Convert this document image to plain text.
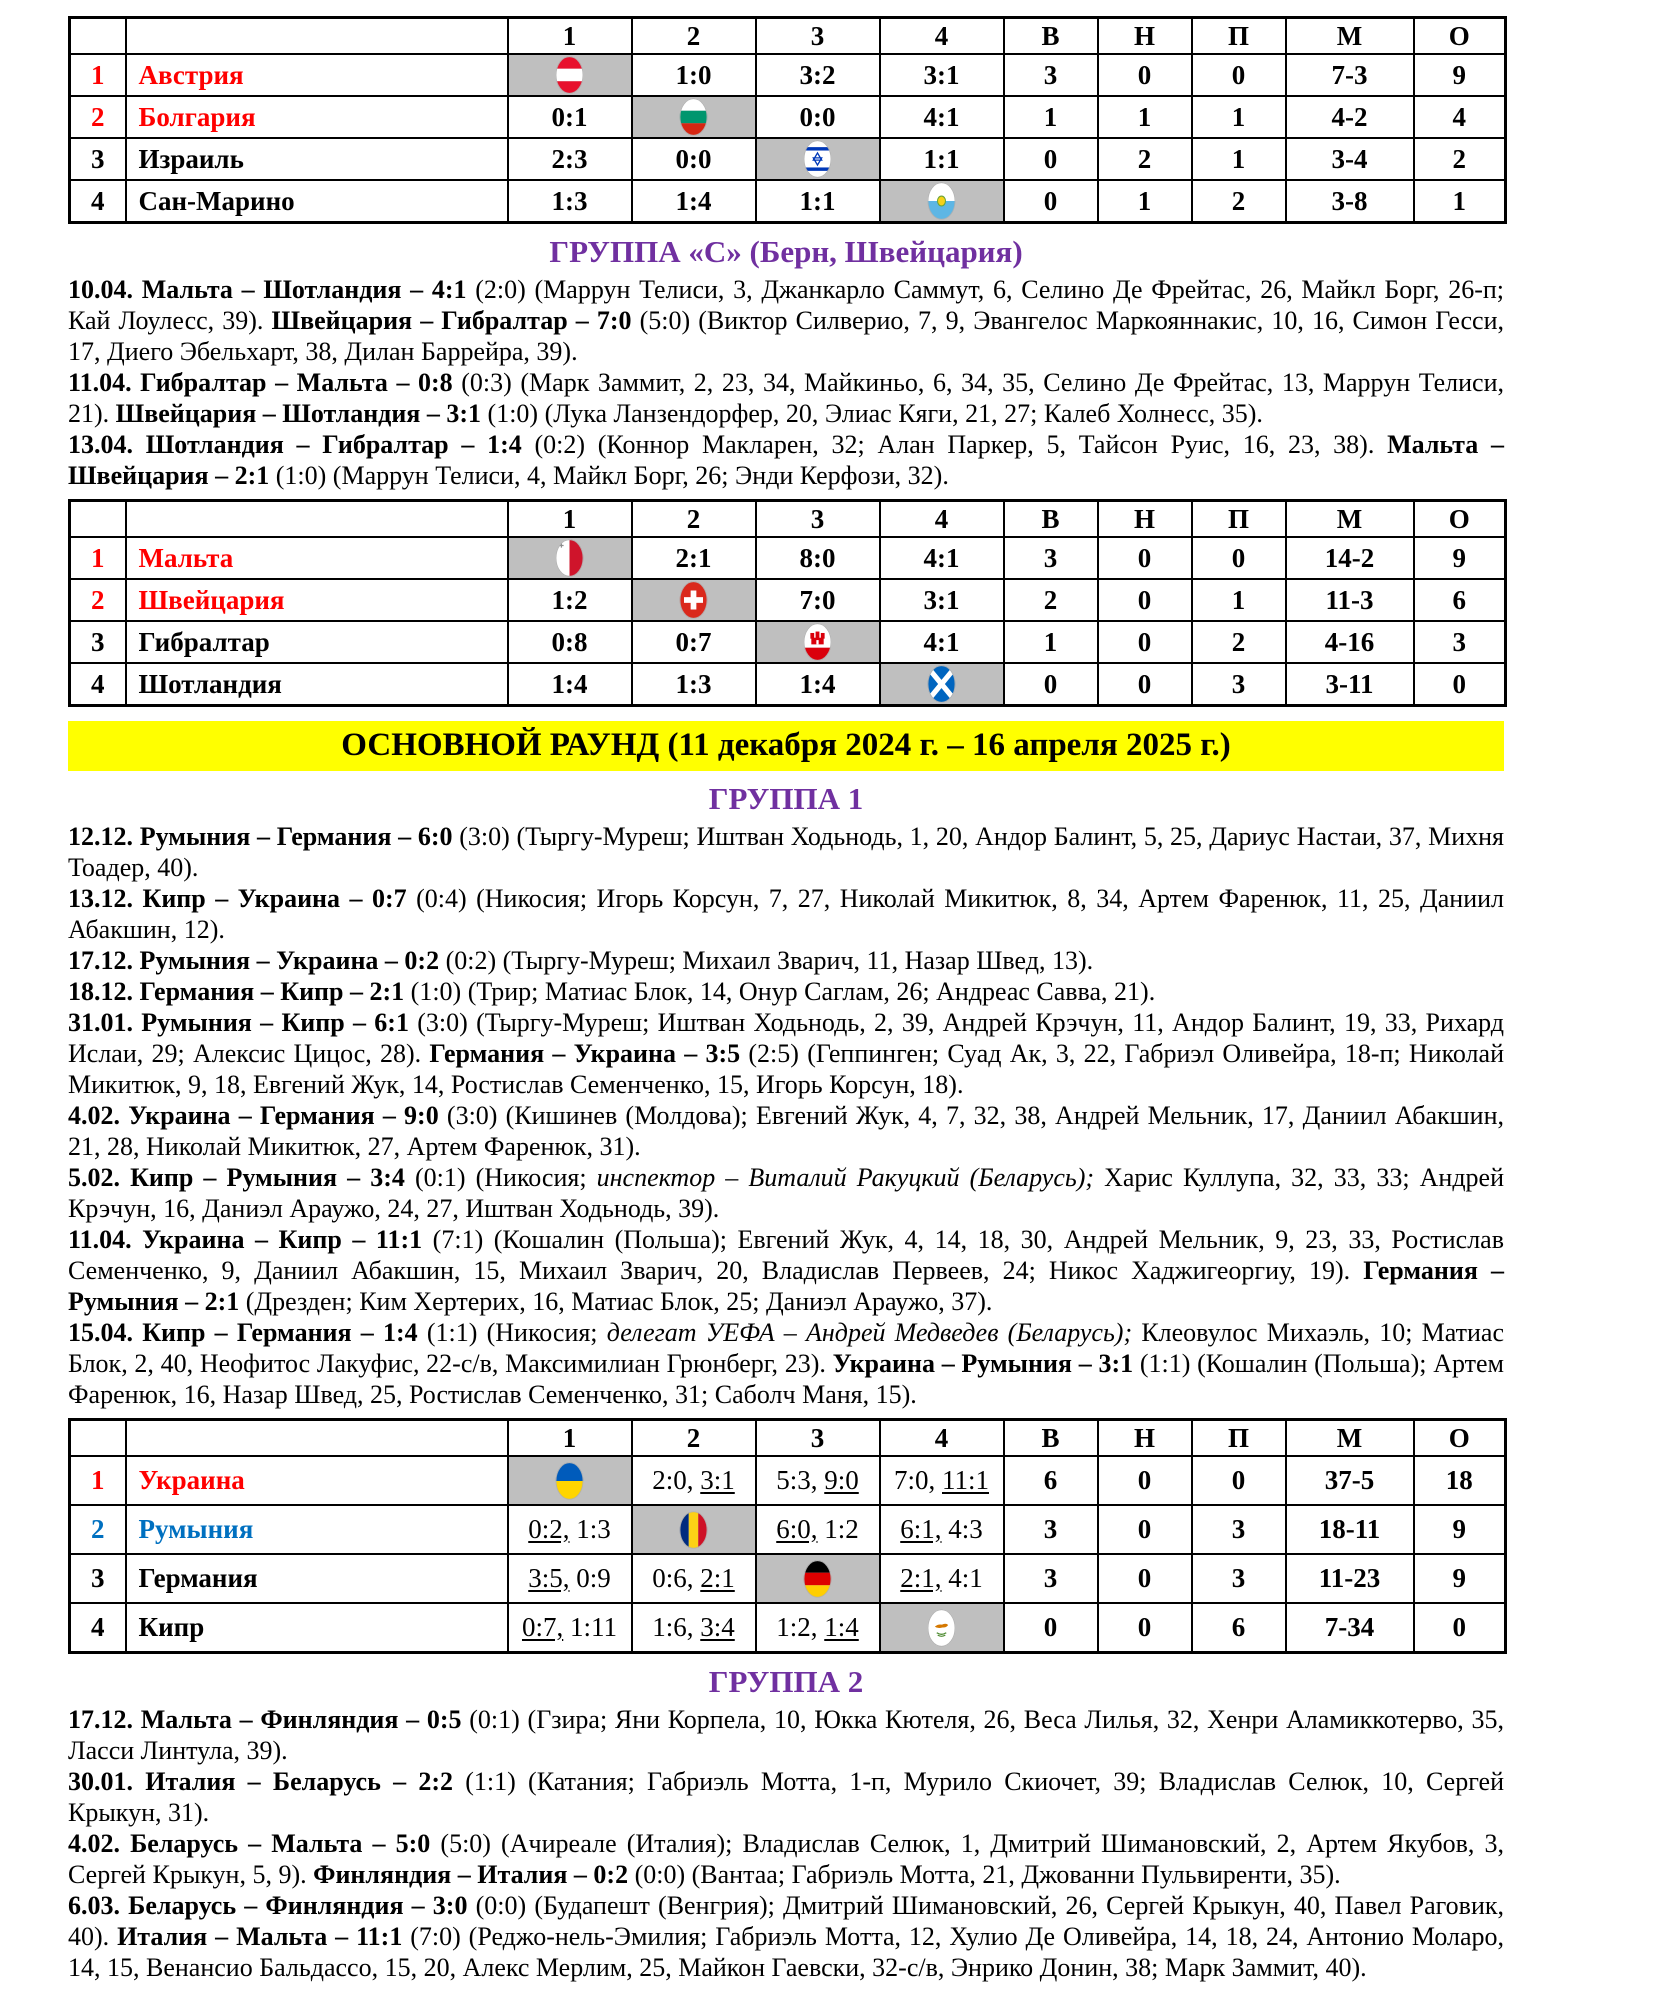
		1	2	3	4	В	Н	П	М	О
1	Австрия		1:0	3:2	3:1	3	0	0	7-3	9
2	Болгария	0:1		0:0	4:1	1	1	1	4-2	4
3	Израиль	2:3	0:0		1:1	0	2	1	3-4	2
4	Сан-Марино	1:3	1:4	1:1		0	1	2	3-8	1
ГРУППА «С» (Берн, Швейцария)

10.04. Мальта – Шотландия – 4:1 (2:0) (Маррун Телиси, 3, Джанкарло Саммут, 6, Селино Де Фрейтас, 26, Майкл Борг, 26-п; Кай Лоулесс, 39). Швейцария – Гибралтар – 7:0 (5:0) (Виктор Силверио, 7, 9, Эвангелос Маркояннакис, 10, 16, Симон Гесси, 17, Диего Эбельхарт, 38, Дилан Баррейра, 39).

11.04. Гибралтар – Мальта – 0:8 (0:3) (Марк Заммит, 2, 23, 34, Майкиньо, 6, 34, 35, Селино Де Фрейтас, 13, Маррун Телиси, 21). Швейцария – Шотландия – 3:1 (1:0) (Лука Ланзендорфер, 20, Элиас Кяги, 21, 27; Калеб Холнесс, 35).

13.04. Шотландия – Гибралтар – 1:4 (0:2) (Коннор Макларен, 32; Алан Паркер, 5, Тайсон Руис, 16, 23, 38). Мальта – Швейцария – 2:1 (1:0) (Маррун Телиси, 4, Майкл Борг, 26; Энди Керфози, 32).

		1	2	3	4	В	Н	П	М	О
1	Мальта		2:1	8:0	4:1	3	0	0	14-2	9
2	Швейцария	1:2		7:0	3:1	2	0	1	11-3	6
3	Гибралтар	0:8	0:7		4:1	1	0	2	4-16	3
4	Шотландия	1:4	1:3	1:4		0	0	3	3-11	0
ОСНОВНОЙ РАУНД (11 декабря 2024 г. – 16 апреля 2025 г.)
ГРУППА 1

12.12. Румыния – Германия – 6:0 (3:0) (Тыргу-Муреш; Иштван Ходьнодь, 1, 20, Андор Балинт, 5, 25, Дариус Настаи, 37, Михня Тоадер, 40).

13.12. Кипр – Украина – 0:7 (0:4) (Никосия; Игорь Корсун, 7, 27, Николай Микитюк, 8, 34, Артем Фаренюк, 11, 25, Даниил Абакшин, 12).

17.12. Румыния – Украина – 0:2 (0:2) (Тыргу-Муреш; Михаил Зварич, 11, Назар Швед, 13).

18.12. Германия – Кипр – 2:1 (1:0) (Трир; Матиас Блок, 14, Онур Саглам, 26; Андреас Савва, 21).

31.01. Румыния – Кипр – 6:1 (3:0) (Тыргу-Муреш; Иштван Ходьнодь, 2, 39, Андрей Крэчун, 11, Андор Балинт, 19, 33, Рихард Ислаи, 29; Алексис Цицос, 28). Германия – Украина – 3:5 (2:5) (Геппинген; Суад Ак, 3, 22, Габриэл Оливейра, 18-п; Николай Микитюк, 9, 18, Евгений Жук, 14, Ростислав Семенченко, 15, Игорь Корсун, 18).

4.02. Украина – Германия – 9:0 (3:0) (Кишинев (Молдова); Евгений Жук, 4, 7, 32, 38, Андрей Мельник, 17, Даниил Абакшин, 21, 28, Николай Микитюк, 27, Артем Фаренюк, 31).

5.02. Кипр – Румыния – 3:4 (0:1) (Никосия; инспектор – Виталий Ракуцкий (Беларусь); Харис Куллупа, 32, 33, 33; Андрей Крэчун, 16, Даниэл Араужо, 24, 27, Иштван Ходьнодь, 39).

11.04. Украина – Кипр – 11:1 (7:1) (Кошалин (Польша); Евгений Жук, 4, 14, 18, 30, Андрей Мельник, 9, 23, 33, Ростислав Семенченко, 9, Даниил Абакшин, 15, Михаил Зварич, 20, Владислав Первеев, 24; Никос Хаджигеоргиу, 19). Германия – Румыния – 2:1 (Дрезден; Ким Хертерих, 16, Матиас Блок, 25; Даниэл Араужо, 37).

15.04. Кипр – Германия – 1:4 (1:1) (Никосия; делегат УЕФА – Андрей Медведев (Беларусь); Клеовулос Михаэль, 10; Матиас Блок, 2, 40, Неофитос Лакуфис, 22-с/в, Максимилиан Грюнберг, 23). Украина – Румыния – 3:1 (1:1) (Кошалин (Польша); Артем Фаренюк, 16, Назар Швед, 25, Ростислав Семенченко, 31; Саболч Маня, 15).

		1	2	3	4	В	Н	П	М	О
1	Украина		2:0, 3:1	5:3, 9:0	7:0, 11:1	6	0	0	37-5	18
2	Румыния	0:2, 1:3		6:0, 1:2	6:1, 4:3	3	0	3	18-11	9
3	Германия	3:5, 0:9	0:6, 2:1		2:1, 4:1	3	0	3	11-23	9
4	Кипр	0:7, 1:11	1:6, 3:4	1:2, 1:4		0	0	6	7-34	0
ГРУППА 2

17.12. Мальта – Финляндия – 0:5 (0:1) (Гзира; Яни Корпела, 10, Юкка Кютеля, 26, Веса Лилья, 32, Хенри Аламиккотерво, 35, Ласси Линтула, 39).

30.01. Италия – Беларусь – 2:2 (1:1) (Катания; Габриэль Мотта, 1-п, Мурило Скиочет, 39; Владислав Селюк, 10, Сергей Крыкун, 31).

4.02. Беларусь – Мальта – 5:0 (5:0) (Ачиреале (Италия); Владислав Селюк, 1, Дмитрий Шимановский, 2, Артем Якубов, 3, Сергей Крыкун, 5, 9). Финляндия – Италия – 0:2 (0:0) (Вантаа; Габриэль Мотта, 21, Джованни Пульвиренти, 35).

6.03. Беларусь – Финляндия – 3:0 (0:0) (Будапешт (Венгрия); Дмитрий Шимановский, 26, Сергей Крыкун, 40, Павел Раговик, 40). Италия – Мальта – 11:1 (7:0) (Реджо-нель-Эмилия; Габриэль Мотта, 12, Хулио Де Оливейра, 14, 18, 24, Антонио Моларо, 14, 15, Венансио Бальдассо, 15, 20, Алекс Мерлим, 25, Майкон Гаевски, 32-с/в, Энрико Донин, 38; Марк Заммит, 40).
